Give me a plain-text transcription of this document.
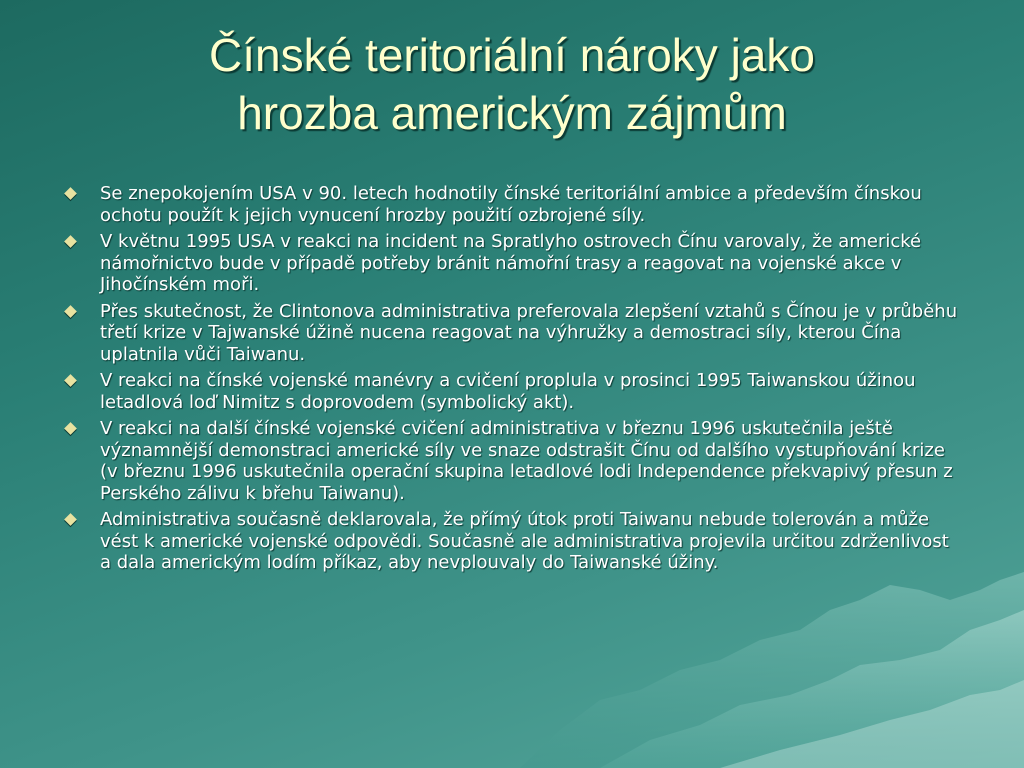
Čínské teritoriální nároky jako
hrozba americkým zájmům
Se znepokojením USA v 90. letech hodnotily čínské teritoriální ambice a především čínskou ochotu použít k jejich vynucení hrozby použití ozbrojené síly.
V květnu 1995 USA v reakci na incident na Spratlyho ostrovech Čínu varovaly, že americké námořnictvo bude v případě potřeby bránit námořní trasy a reagovat na vojenské akce v Jihočínském moři.
Přes skutečnost, že Clintonova administrativa preferovala zlepšení vztahů s Čínou je v průběhu třetí krize v Tajwanské úžině nucena reagovat na výhružky a demostraci síly, kterou Čína uplatnila vůči Taiwanu.
V reakci na čínské vojenské manévry a cvičení proplula v prosinci 1995 Taiwanskou úžinou letadlová loď Nimitz s doprovodem (symbolický akt).
V reakci na další čínské vojenské cvičení administrativa v březnu 1996 uskutečnila ještě významnější demonstraci americké síly ve snaze odstrašit Čínu od dalšího vystupňování krize (v březnu 1996 uskutečnila operační skupina letadlové lodi Independence překvapivý přesun z Perského zálivu k břehu Taiwanu).
Administrativa současně deklarovala, že přímý útok proti Taiwanu nebude tolerován a může vést k americké vojenské odpovědi. Současně ale administrativa projevila určitou zdrženlivost a dala americkým lodím příkaz, aby nevplouvaly do Taiwanské úžiny.
